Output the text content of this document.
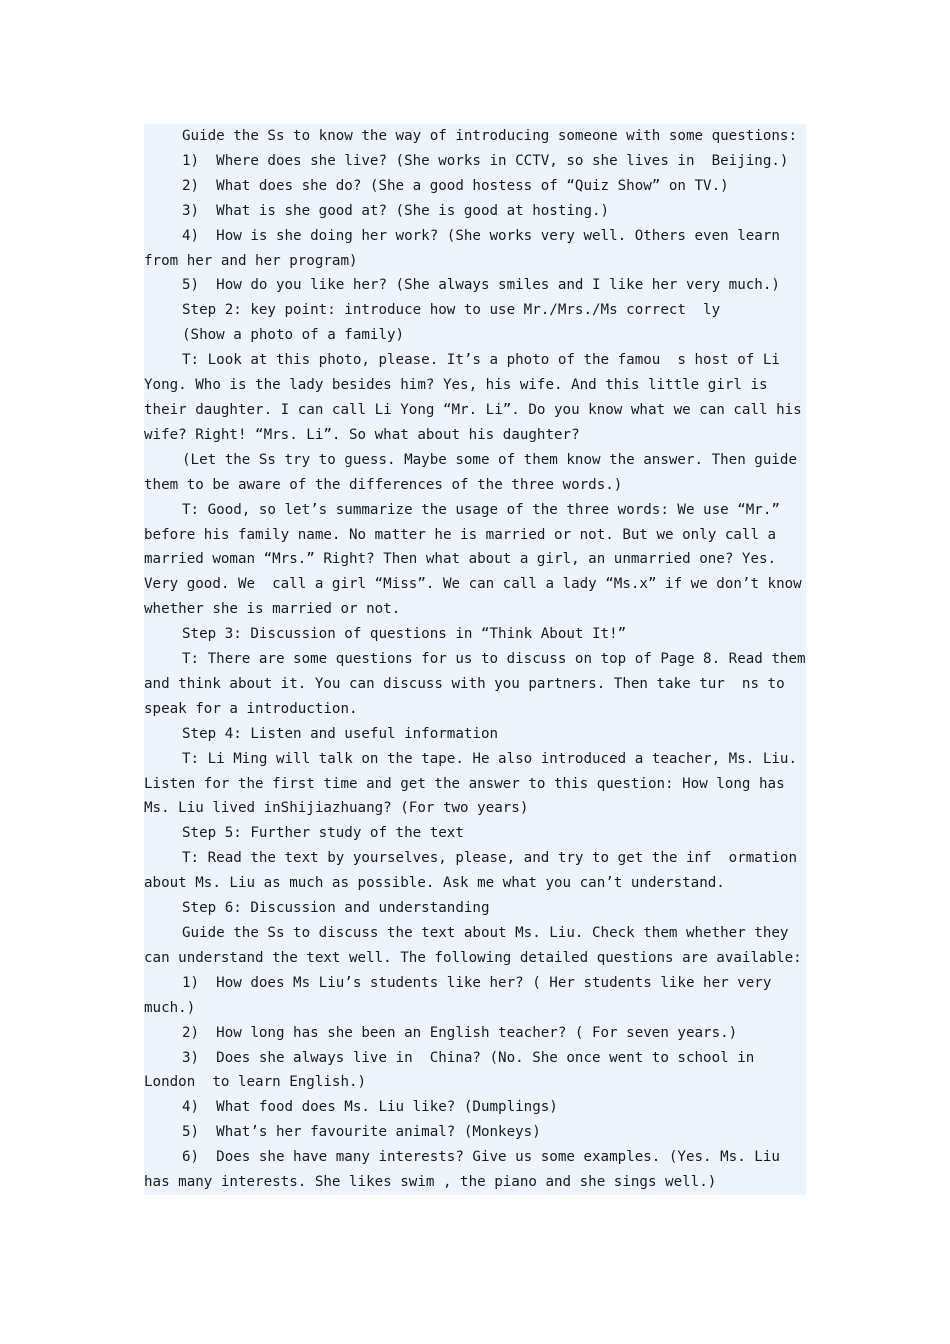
Guide the Ss to know the way of introducing someone with some questions:

1)  Where does she live? (She works in CCTV, so she lives in  Beijing.)

2)  What does she do? (She a good hostess of “Quiz Show” on TV.)

3)  What is she good at? (She is good at hosting.)

4)  How is she doing her work? (She works very well. Others even learn from her and her program)

5)  How do you like her? (She always smiles and I like her very much.)

Step 2: key point: introduce how to use Mr./Mrs./Ms correct  ly

(Show a photo of a family)

T: Look at this photo, please. It’s a photo of the famou  s host of Li Yong. Who is the lady besides him? Yes, his wife. And this little girl is their daughter. I can call Li Yong “Mr. Li”. Do you know what we can call his wife? Right! “Mrs. Li”. So what about his daughter?

(Let the Ss try to guess. Maybe some of them know the answer. Then guide them to be aware of the differences of the three words.)

T: Good, so let’s summarize the usage of the three words: We use “Mr.” before his family name. No matter he is married or not. But we only call a married woman “Mrs.” Right? Then what about a girl, an unmarried one? Yes. Very good. We  call a girl “Miss”. We can call a lady “Ms.x” if we don’t know whether she is married or not.

Step 3: Discussion of questions in “Think About It!”

T: There are some questions for us to discuss on top of Page 8. Read them and think about it. You can discuss with you partners. Then take tur  ns to speak for a introduction.

Step 4: Listen and useful information

T: Li Ming will talk on the tape. He also introduced a teacher, Ms. Liu. Listen for the first time and get the answer to this question: How long has Ms. Liu lived inShijiazhuang? (For two years)

Step 5: Further study of the text

T: Read the text by yourselves, please, and try to get the inf  ormation about Ms. Liu as much as possible. Ask me what you can’t understand.

Step 6: Discussion and understanding

Guide the Ss to discuss the text about Ms. Liu. Check them whether they can understand the text well. The following detailed questions are available:

1)  How does Ms Liu’s students like her? ( Her students like her very much.)

2)  How long has she been an English teacher? ( For seven years.)

3)  Does she always live in  China? (No. She once went to school in  London  to learn English.)

4)  What food does Ms. Liu like? (Dumplings)

5)  What’s her favourite animal? (Monkeys)

6)  Does she have many interests? Give us some examples. (Yes. Ms. Liu has many interests. She likes swim , the piano and she sings well.)
